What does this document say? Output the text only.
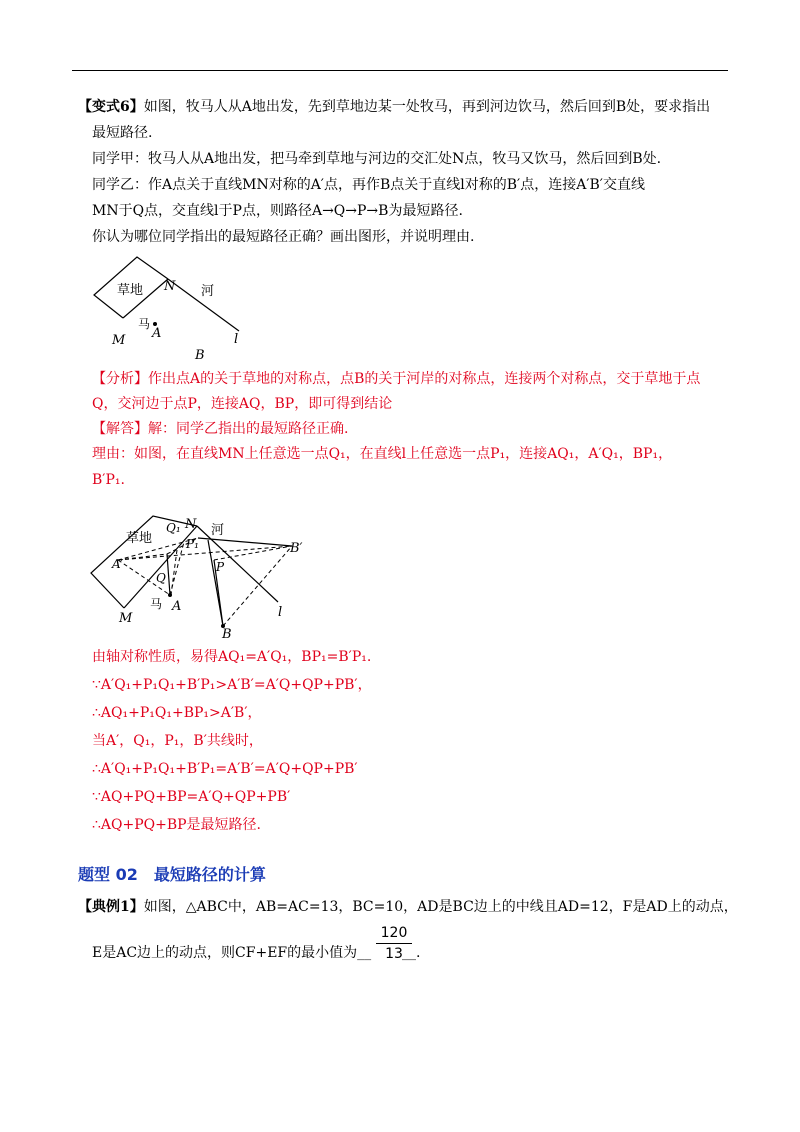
【变式6】如图，牧马人从A地出发，先到草地边某一处牧马，再到河边饮马，然后回到B处，要求指出
最短路径.
同学甲：牧马人从A地出发，把马牵到草地与河边的交汇处N点，牧马又饮马，然后回到B处.
同学乙：作A点关于直线MN对称的A′点，再作B点关于直线l对称的B′点，连接A′B′交直线
MN于Q点，交直线l于P点，则路径A→Q→P→B为最短路径.
你认为哪位同学指出的最短路径正确？画出图形，并说明理由.
草地 N 河
马
A
M	l
B
【分析】作出点A的关于草地的对称点，点B的关于河岸的对称点，连接两个对称点，交于草地于点
Q，交河边于点P，连接AQ，BP，即可得到结论
【解答】解：同学乙指出的最短路径正确.
理由：如图，在直线MN上任意选一点Q₁，在直线l上任意选一点P₁，连接AQ₁，A′Q₁，BP₁，
B′P₁.
草地
Q₁ N 河
P₁
A′
B′
Q
P
马 A
M	l
B
由轴对称性质，易得AQ₁=A′Q₁，BP₁=B′P₁.
∵A′Q₁+P₁Q₁+B′P₁>A′B′=A′Q+QP+PB′，
∴AQ₁+P₁Q₁+BP₁>A′B′，
当A′，Q₁，P₁，B′共线时，
∴A′Q₁+P₁Q₁+B′P₁=A′B′=A′Q+QP+PB′
∵AQ+PQ+BP=A′Q+QP+PB′
∴AQ+PQ+BP是最短路径.
题型 02 最短路径的计算
【典例1】如图，△ABC中，AB=AC=13，BC=10，AD是BC边上的中线且AD=12，F是AD上的动点，
E是AC边上的动点，则CF+EF的最小值为__
120
13 __.
